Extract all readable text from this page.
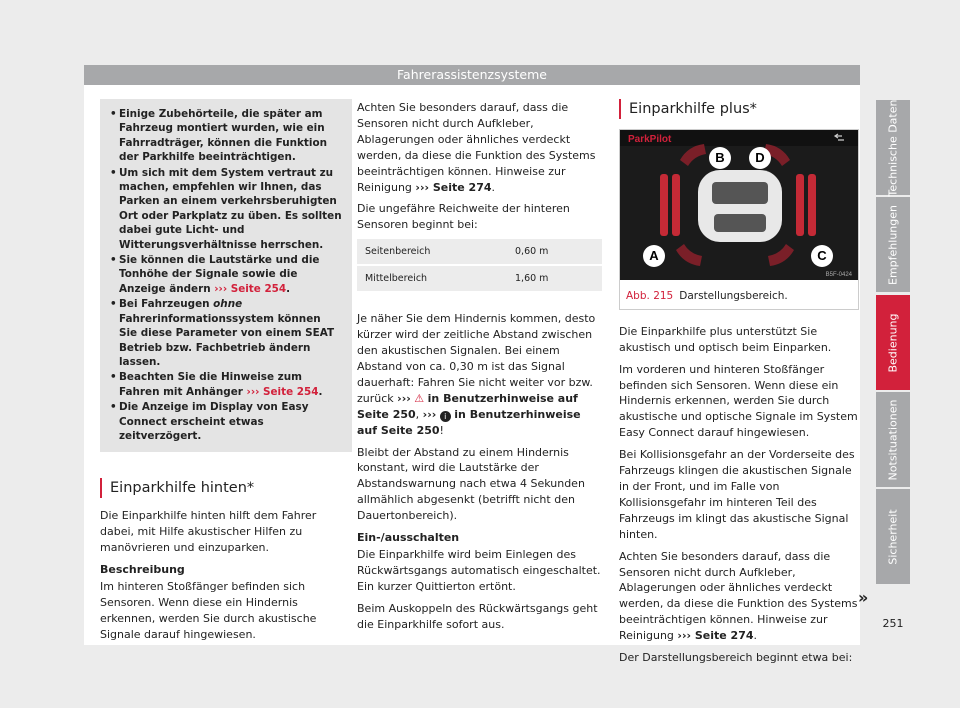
Fahrerassistenzsysteme
• Einige Zubehörteile, die später am Fahrzeug montiert wurden, wie ein Fahrradträger, können die Funktion der Parkhilfe beeinträchtigen.
• Um sich mit dem System vertraut zu machen, empfehlen wir Ihnen, das Parken an einem verkehrsberuhigten Ort oder Parkplatz zu üben. Es sollten dabei gute Licht- und Witterungsverhältnisse herrschen.
• Sie können die Lautstärke und die Tonhöhe der Signale sowie die Anzeige ändern ››› Seite 254.
• Bei Fahrzeugen ohne Fahrerinformationssystem können Sie diese Parameter von einem SEAT Betrieb bzw. Fachbetrieb ändern lassen.
• Beachten Sie die Hinweise zum Fahren mit Anhänger ››› Seite 254.
• Die Anzeige im Display von Easy Connect erscheint etwas zeitverzögert.
Einparkhilfe hinten*

Die Einparkhilfe hinten hilft dem Fahrer dabei, mit Hilfe akustischer Hilfen zu manövrieren und einzuparken.

Beschreibung

Im hinteren Stoßfänger befinden sich Sensoren. Wenn diese ein Hindernis erkennen, werden Sie durch akustische Signale darauf hingewiesen.

Achten Sie besonders darauf, dass die Sensoren nicht durch Aufkleber, Ablagerungen oder ähnliches verdeckt werden, da diese die Funktion des Systems beeinträchtigen können. Hinweise zur Reinigung ››› Seite 274.

Die ungefähre Reichweite der hinteren Sensoren beginnt bei:

Seitenbereich	0,60 m
Mittelbereich	1,60 m

Je näher Sie dem Hindernis kommen, desto kürzer wird der zeitliche Abstand zwischen den akustischen Signalen. Bei einem Abstand von ca. 0,30 m ist das Signal dauerhaft: Fahren Sie nicht weiter vor bzw. zurück ››› ⚠ in Benutzerhinweise auf Seite 250, ››› i in Benutzerhinweise auf Seite 250!

Bleibt der Abstand zu einem Hindernis konstant, wird die Lautstärke der Abstandswarnung nach etwa 4 Sekunden allmählich abgesenkt (betrifft nicht den Dauertonbereich).

Ein-/ausschalten

Die Einparkhilfe wird beim Einlegen des Rückwärtsgangs automatisch eingeschaltet. Ein kurzer Quittierton ertönt.

Beim Auskoppeln des Rückwärtsgangs geht die Einparkhilfe sofort aus.

Einparkhilfe plus*
ParkPilot
B D
A	C
B5F-0424
Abb. 215 Darstellungsbereich.

Die Einparkhilfe plus unterstützt Sie akustisch und optisch beim Einparken.

Im vorderen und hinteren Stoßfänger befinden sich Sensoren. Wenn diese ein Hindernis erkennen, werden Sie durch akustische und optische Signale im System Easy Connect darauf hingewiesen.

Bei Kollisionsgefahr an der Vorderseite des Fahrzeugs klingen die akustischen Signale in der Front, und im Falle von Kollisionsgefahr im hinteren Teil des Fahrzeugs im klingt das akustische Signal hinten.

Achten Sie besonders darauf, dass die Sensoren nicht durch Aufkleber, Ablagerungen oder ähnliches verdeckt werden, da diese die Funktion des Systems beeinträchtigen können. Hinweise zur Reinigung ››› Seite 274.

Der Darstellungsbereich beginnt etwa bei:

»
Technische Daten
Empfehlungen
Bedienung
Notsituationen
Sicherheit
251
